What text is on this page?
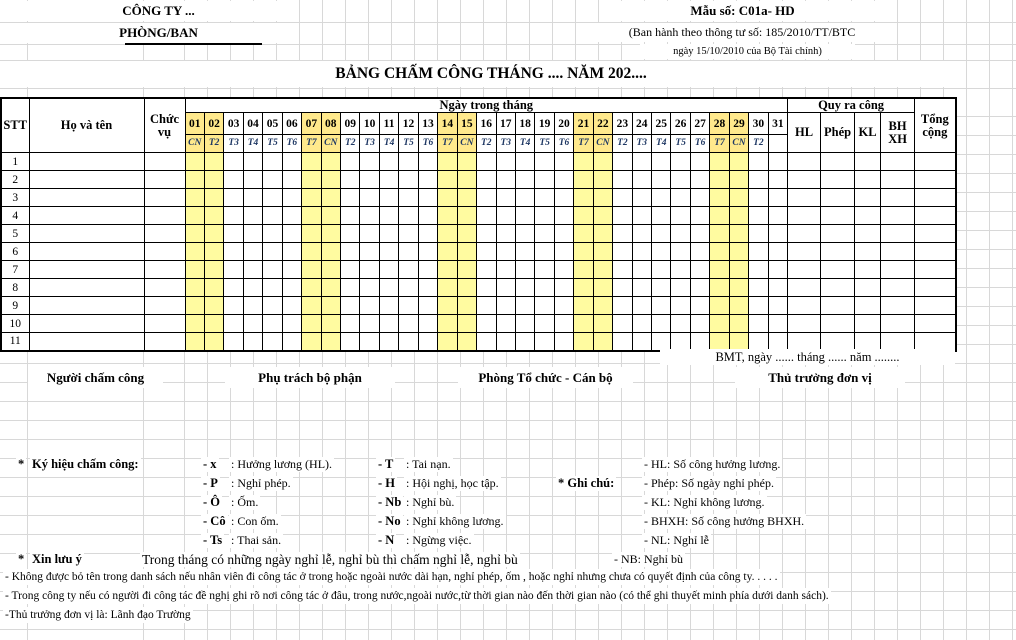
CÔNG TY ...
PHÒNG/BAN
Mẫu số: C01a- HD
(Ban hành theo thông tư số: 185/2010/TT/BTC
ngày 15/10/2010 của Bộ Tài chính)
BẢNG CHẤM CÔNG THÁNG .... NĂM 202....
STT	Họ và tên	Chức vụ	Ngày trong tháng																															Quy ra công				Tổng cộng
			01	02	03	04	05	06	07	08	09	10	11	12	13	14	15	16	17	18	19	20	21	22	23	24	25	26	27	28	29	30	31	HL	Phép	KL	BH XH	
			CN	T2	T3	T4	T5	T6	T7	CN	T2	T3	T4	T5	T6	T7	CN	T2	T3	T4	T5	T6	T7	CN	T2	T3	T4	T5	T6	T7	CN	T2						
1																																						
2																																						
3																																						
4																																						
5																																						
6																																						
7																																						
8																																						
9																																						
10																																						
11																																						
BMT, ngày ...... tháng ...... năm ........
Người chấm công	Phụ trách bộ phận	Phòng Tổ chức - Cán bộ	Thủ trưởng đơn vị
* Ký hiệu chấm công:	- x : Hưởng lương (HL).
- P : Nghỉ phép.
- Ô : Ốm.
- Cô : Con ốm.
- Ts : Thai sản.
- T : Tai nạn.
- H : Hội nghị, học tập.
- Nb : Nghỉ bù.
- No : Nghỉ không lương.
- N : Ngừng việc.
* Ghi chú:
- HL: Số công hưởng lương.
- Phép: Số ngày nghỉ phép.
- KL: Nghỉ không lương.
- BHXH: Số công hưởng BHXH.
- NL: Nghỉ lễ
- NB: Nghỉ bù
* Xin lưu ý	Trong tháng có những ngày nghỉ lễ, nghỉ bù thì chấm nghỉ lễ, nghỉ bù
- Không được bỏ tên trong danh sách nếu nhân viên đi công tác ở trong hoặc ngoài nước dài hạn, nghỉ phép, ốm , hoặc nghỉ nhưng chưa có quyết định của công ty. . . . .
- Trong công ty nếu có người đi công tác đề nghị ghi rõ nơi công tác ở đâu, trong nước,ngoài nước,từ thời gian nào đến thời gian nào (có thể ghi thuyết minh phía dưới danh sách).
-Thủ trưởng đơn vị là: Lãnh đạo Trường
